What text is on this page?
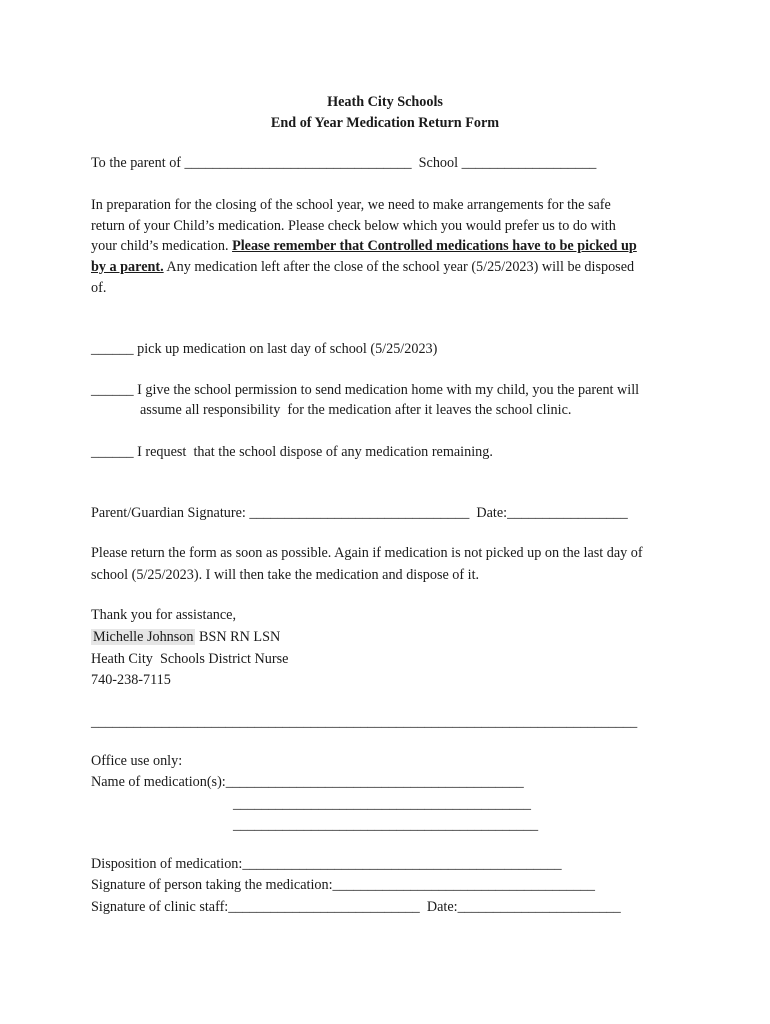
Heath City Schools
End of Year Medication Return Form
To the parent of ________________________________  School ___________________
In preparation for the closing of the school year, we need to make arrangements for the safe
return of your Child’s medication. Please check below which you would prefer us to do with
your child’s medication. Please remember that Controlled medications have to be picked up
by a parent. Any medication left after the close of the school year (5/25/2023) will be disposed
of.
______ pick up medication on last day of school (5/25/2023)
______ I give the school permission to send medication home with my child, you the parent will
assume all responsibility  for the medication after it leaves the school clinic.
______ I request  that the school dispose of any medication remaining.
Parent/Guardian Signature: _______________________________  Date:_________________
Please return the form as soon as possible. Again if medication is not picked up on the last day of
school (5/25/2023). I will then take the medication and dispose of it.
Thank you for assistance,
Michelle Johnson BSN RN LSN
Heath City  Schools District Nurse
740-238-7115
_____________________________________________________________________________
Office use only:
Name of medication(s):__________________________________________
__________________________________________
___________________________________________
Disposition of medication:_____________________________________________
Signature of person taking the medication:_____________________________________
Signature of clinic staff:___________________________  Date:_______________________
